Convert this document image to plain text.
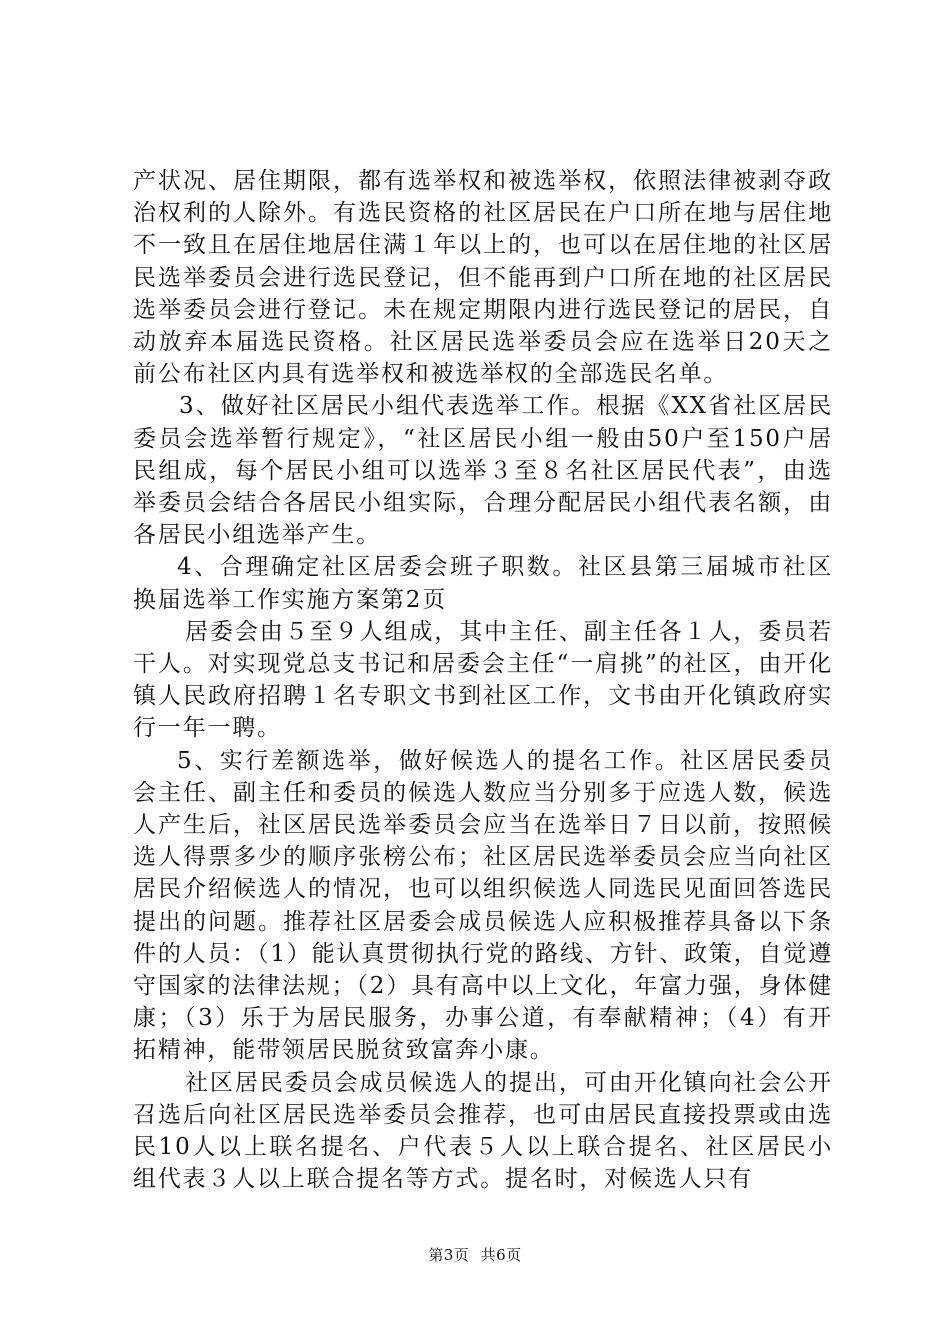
产状况、居住期限，都有选举权和被选举权，依照法律被剥夺政治权利的人除外。有选民资格的社区居民在户口所在地与居住地不一致且在居住地居住满１年以上的，也可以在居住地的社区居民选举委员会进行选民登记，但不能再到户口所在地的社区居民选举委员会进行登记。未在规定期限内进行选民登记的居民，自动放弃本届选民资格。社区居民选举委员会应在选举日20天之前公布社区内具有选举权和被选举权的全部选民名单。

3、做好社区居民小组代表选举工作。根据《XX省社区居民委员会选举暂行规定》，“社区居民小组一般由50户至150户居民组成，每个居民小组可以选举３至８名社区居民代表”，由选举委员会结合各居民小组实际，合理分配居民小组代表名额，由各居民小组选举产生。

4、合理确定社区居委会班子职数。社区县第三届城市社区换届选举工作实施方案第2页

居委会由５至９人组成，其中主任、副主任各１人，委员若干人。对实现党总支书记和居委会主任“一肩挑”的社区，由开化镇人民政府招聘１名专职文书到社区工作，文书由开化镇政府实行一年一聘。

5、实行差额选举，做好候选人的提名工作。社区居民委员会主任、副主任和委员的候选人数应当分别多于应选人数，候选人产生后，社区居民选举委员会应当在选举日７日以前，按照候选人得票多少的顺序张榜公布；社区居民选举委员会应当向社区居民介绍候选人的情况，也可以组织候选人同选民见面回答选民提出的问题。推荐社区居委会成员候选人应积极推荐具备以下条件的人员：（1）能认真贯彻执行党的路线、方针、政策，自觉遵守国家的法律法规；（2）具有高中以上文化，年富力强，身体健康；（3）乐于为居民服务，办事公道，有奉献精神；（4）有开拓精神，能带领居民脱贫致富奔小康。

社区居民委员会成员候选人的提出，可由开化镇向社会公开召选后向社区居民选举委员会推荐，也可由居民直接投票或由选民10人以上联名提名、户代表５人以上联合提名、社区居民小组代表３人以上联合提名等方式。提名时，对候选人只有

第3页 共6页
